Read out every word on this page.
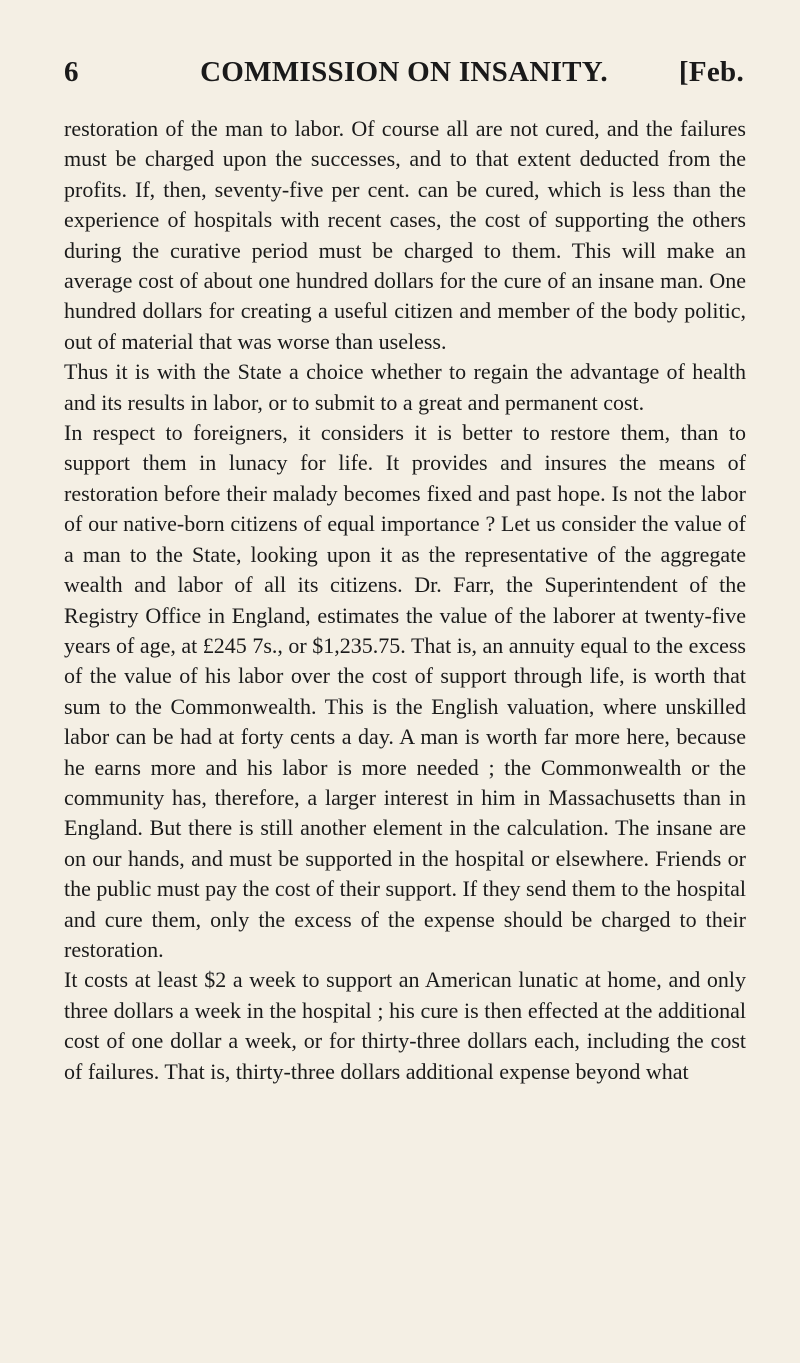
6	COMMISSION ON INSANITY.	[Feb.

restoration of the man to labor. Of course all are not cured, and the failures must be charged upon the successes, and to that extent deducted from the profits. If, then, seventy-five per cent. can be cured, which is less than the experience of hospitals with recent cases, the cost of supporting the others during the curative period must be charged to them. This will make an average cost of about one hundred dollars for the cure of an insane man. One hundred dollars for creating a useful citizen and member of the body politic, out of material that was worse than useless.

Thus it is with the State a choice whether to regain the advantage of health and its results in labor, or to submit to a great and permanent cost.

In respect to foreigners, it considers it is better to restore them, than to support them in lunacy for life. It provides and insures the means of restoration before their malady becomes fixed and past hope. Is not the labor of our native-born citizens of equal importance ? Let us consider the value of a man to the State, looking upon it as the representative of the aggregate wealth and labor of all its citizens. Dr. Farr, the Superintendent of the Registry Office in England, estimates the value of the laborer at twenty-five years of age, at £245 7s., or $1,235.75. That is, an annuity equal to the excess of the value of his labor over the cost of support through life, is worth that sum to the Commonwealth. This is the English valuation, where unskilled labor can be had at forty cents a day. A man is worth far more here, because he earns more and his labor is more needed ; the Commonwealth or the community has, therefore, a larger interest in him in Massachusetts than in England. But there is still another element in the calculation. The insane are on our hands, and must be supported in the hospital or elsewhere. Friends or the public must pay the cost of their support. If they send them to the hospital and cure them, only the excess of the expense should be charged to their restoration.

It costs at least $2 a week to support an American lunatic at home, and only three dollars a week in the hospital ; his cure is then effected at the additional cost of one dollar a week, or for thirty-three dollars each, including the cost of failures. That is, thirty-three dollars additional expense beyond what
